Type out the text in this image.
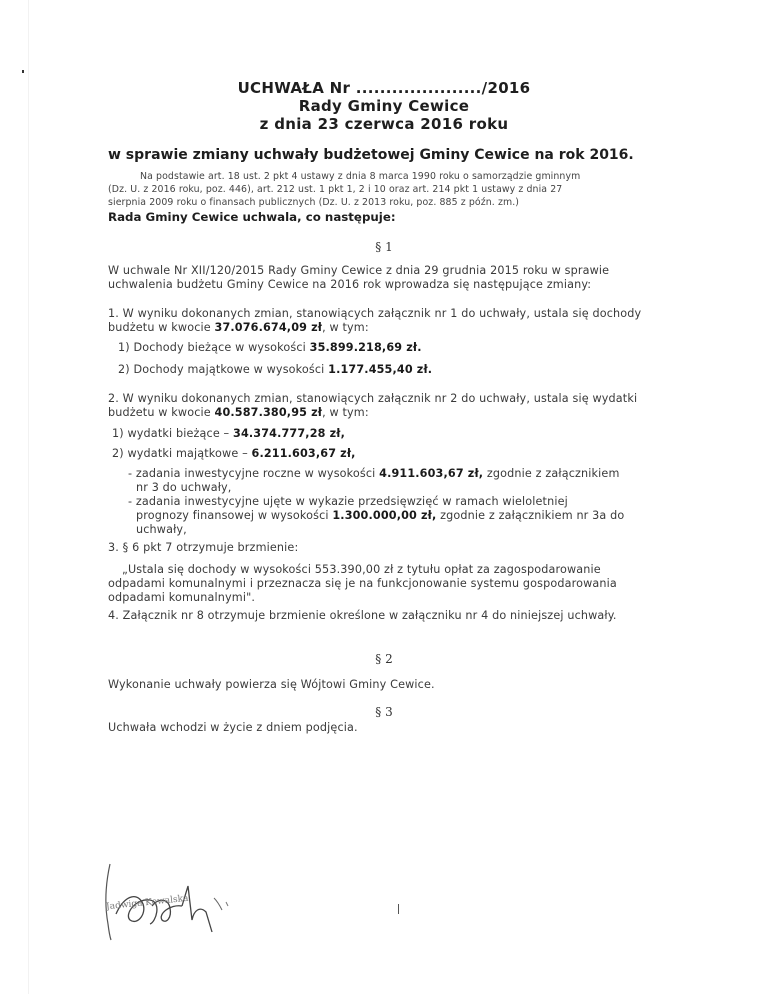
UCHWAŁA Nr ...................../2016
Rady Gminy Cewice
z dnia 23 czerwca 2016 roku
w sprawie zmiany uchwały budżetowej Gminy Cewice na rok 2016.
Na podstawie art. 18 ust. 2 pkt 4 ustawy z dnia 8 marca 1990 roku o samorządzie gminnym
(Dz. U. z 2016 roku, poz. 446), art. 212 ust. 1 pkt 1, 2 i 10 oraz art. 214 pkt 1 ustawy z dnia 27
sierpnia 2009 roku o finansach publicznych (Dz. U. z 2013 roku, poz. 885 z późn. zm.)
Rada Gminy Cewice uchwala, co następuje:
§ 1
W uchwale Nr XII/120/2015 Rady Gminy Cewice z dnia 29 grudnia 2015 roku w sprawie
uchwalenia budżetu Gminy Cewice na 2016 rok wprowadza się następujące zmiany:
1. W wyniku dokonanych zmian, stanowiących załącznik nr 1 do uchwały, ustala się dochody
budżetu w kwocie 37.076.674,09 zł, w tym:
1) Dochody bieżące w wysokości 35.899.218,69 zł.
2) Dochody majątkowe w wysokości 1.177.455,40 zł.
2. W wyniku dokonanych zmian, stanowiących załącznik nr 2 do uchwały, ustala się wydatki
budżetu w kwocie 40.587.380,95 zł, w tym:
1) wydatki bieżące – 34.374.777,28 zł,
2) wydatki majątkowe – 6.211.603,67 zł,
- zadania inwestycyjne roczne w wysokości 4.911.603,67 zł, zgodnie z załącznikiem
nr 3 do uchwały,
- zadania inwestycyjne ujęte w wykazie przedsięwzięć w ramach wieloletniej
prognozy finansowej w wysokości 1.300.000,00 zł, zgodnie z załącznikiem nr 3a do
uchwały,
3. § 6 pkt 7 otrzymuje brzmienie:
„Ustala się dochody w wysokości 553.390,00 zł z tytułu opłat za zagospodarowanie
odpadami komunalnymi i przeznacza się je na funkcjonowanie systemu gospodarowania
odpadami komunalnymi".
4. Załącznik nr 8 otrzymuje brzmienie określone w załączniku nr 4 do niniejszej uchwały.
§ 2
Wykonanie uchwały powierza się Wójtowi Gminy Cewice.
§ 3
Uchwała wchodzi w życie z dniem podjęcia.
Jadwiga Kowalska
